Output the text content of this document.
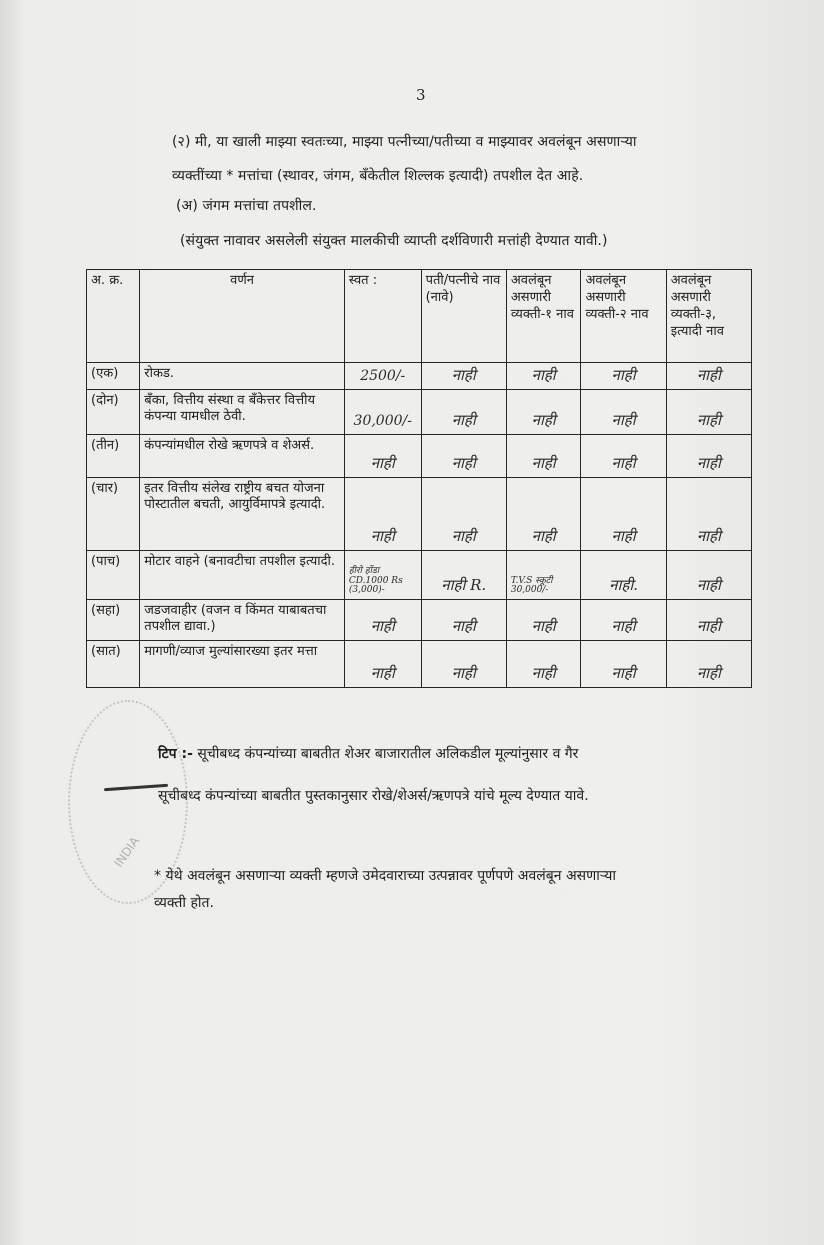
3
(२) मी, या खाली माझ्या स्वतःच्या, माझ्या पत्नीच्या/पतीच्या व माझ्यावर अवलंबून असणाऱ्या
व्यक्तींच्या * मत्तांचा (स्थावर, जंगम, बँकेतील शिल्लक इत्यादी) तपशील देत आहे.
(अ) जंगम मत्तांचा तपशील.
(संयुक्त नावावर असलेली संयुक्त मालकीची व्याप्ती दर्शविणारी मत्तांही देण्यात यावी.)
अ. क्र.	वर्णन	स्वत :	पती/पत्नीचे नाव (नावे)	अवलंबून असणारी व्यक्ती-१ नाव	अवलंबून असणारी व्यक्ती-२ नाव	अवलंबून असणारी व्यक्ती-३, इत्यादी नाव
(एक)	रोकड.	2500/-	नाही	नाही	नाही	नाही
(दोन)	बँका, वित्तीय संस्था व बँकेत्तर वित्तीय कंपन्या यामधील ठेवी.	30,000/-	नाही	नाही	नाही	नाही
(तीन)	कंपन्यांमधील रोखे ऋणपत्रे व शेअर्स.	नाही	नाही	नाही	नाही	नाही
(चार)	इतर वित्तीय संलेख राष्ट्रीय बचत योजना पोस्टातील बचती, आयुर्विमापत्रे इत्यादी.	नाही	नाही	नाही	नाही	नाही
(पाच)	मोटार वाहने (बनावटीचा तपशील इत्यादी.	हीरो होंडा CD.1000 Rs (3,000)-	नाही R.	T.V.S स्कूटी 30,000/-	नाही.	नाही
(सहा)	जडजवाहीर (वजन व किंमत याबाबतचा तपशील द्यावा.)	नाही	नाही	नाही	नाही	नाही
(सात)	मागणी/व्याज मुल्यांसारख्या इतर मत्ता	नाही	नाही	नाही	नाही	नाही
INDIA
टिप :- सूचीबध्द कंपन्यांच्या बाबतीत शेअर बाजारातील अलिकडील मूल्यांनुसार व गैर
सूचीबध्द कंपन्यांच्या बाबतीत पुस्तकानुसार रोखे/शेअर्स/ऋणपत्रे यांचे मूल्य देण्यात यावे.
* येथे अवलंबून असणाऱ्या व्यक्ती म्हणजे उमेदवाराच्या उत्पन्नावर पूर्णपणे अवलंबून असणाऱ्या
व्यक्ती होत.
